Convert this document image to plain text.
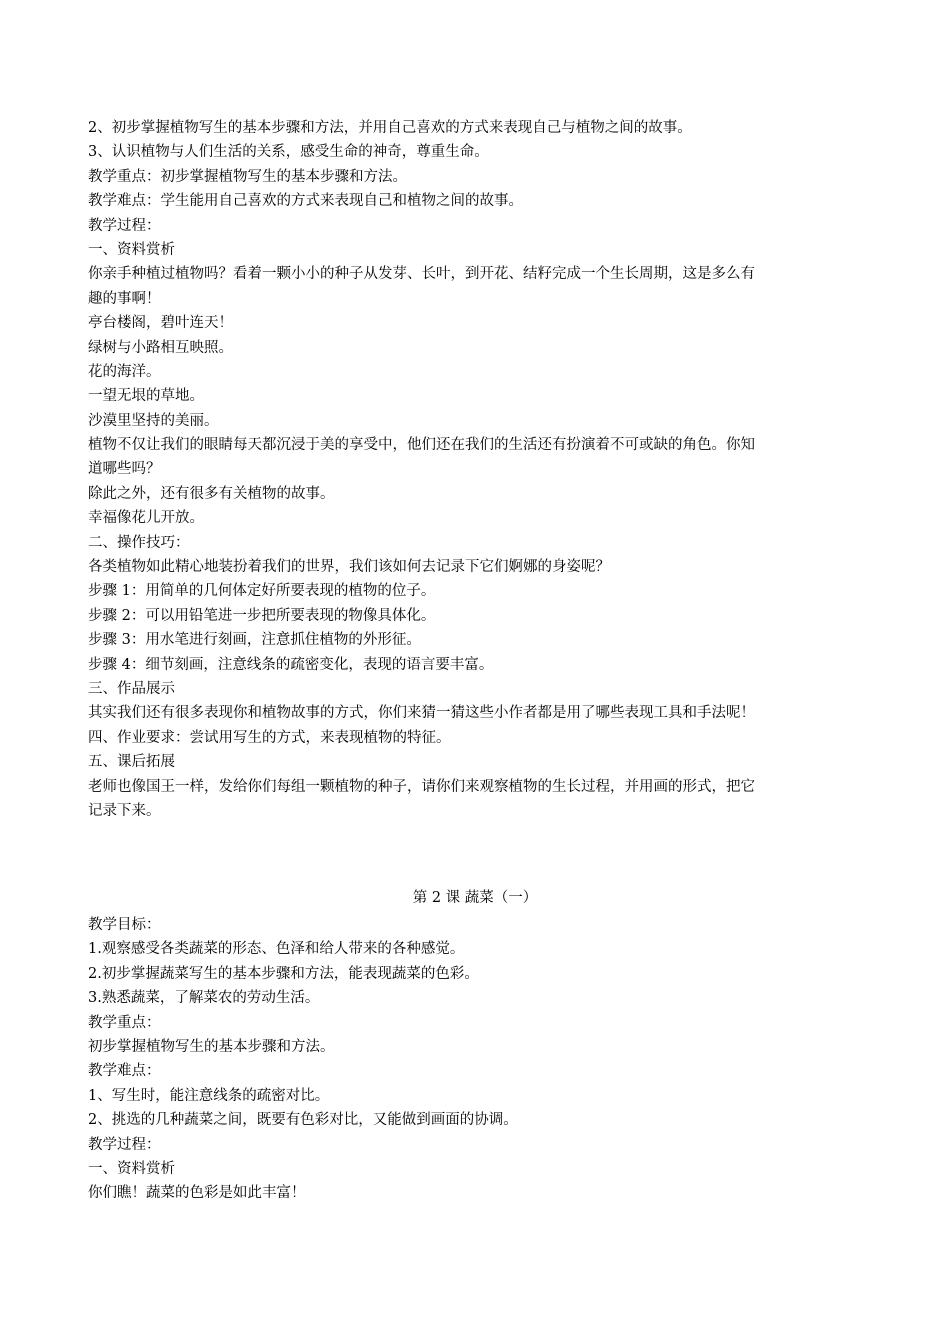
2、初步掌握植物写生的基本步骤和方法，并用自己喜欢的方式来表现自己与植物之间的故事。
3、认识植物与人们生活的关系，感受生命的神奇，尊重生命。
教学重点：初步掌握植物写生的基本步骤和方法。
教学难点：学生能用自己喜欢的方式来表现自己和植物之间的故事。
教学过程：
一、资料赏析
你亲手种植过植物吗？看着一颗小小的种子从发芽、长叶，到开花、结籽完成一个生长周期，这是多么有
趣的事啊！
亭台楼阁，碧叶连天！
绿树与小路相互映照。
花的海洋。
一望无垠的草地。
沙漠里坚持的美丽。
植物不仅让我们的眼睛每天都沉浸于美的享受中，他们还在我们的生活还有扮演着不可或缺的角色。你知
道哪些吗？
除此之外，还有很多有关植物的故事。
幸福像花儿开放。
二、操作技巧：
各类植物如此精心地装扮着我们的世界，我们该如何去记录下它们婀娜的身姿呢？
步骤 1：用简单的几何体定好所要表现的植物的位子。
步骤 2：可以用铅笔进一步把所要表现的物像具体化。
步骤 3：用水笔进行刻画，注意抓住植物的外形征。
步骤 4：细节刻画，注意线条的疏密变化，表现的语言要丰富。
三、作品展示
其实我们还有很多表现你和植物故事的方式，你们来猜一猜这些小作者都是用了哪些表现工具和手法呢！
四、作业要求：尝试用写生的方式，来表现植物的特征。
五、课后拓展
老师也像国王一样，发给你们每组一颗植物的种子，请你们来观察植物的生长过程，并用画的形式，把它
记录下来。
第 2 课 蔬菜（一）
教学目标：
1.观察感受各类蔬菜的形态、色泽和给人带来的各种感觉。
2.初步掌握蔬菜写生的基本步骤和方法，能表现蔬菜的色彩。
3.熟悉蔬菜，了解菜农的劳动生活。
教学重点：
初步掌握植物写生的基本步骤和方法。
教学难点：
1、写生时，能注意线条的疏密对比。
2、挑选的几种蔬菜之间，既要有色彩对比，又能做到画面的协调。
教学过程：
一、资料赏析
你们瞧！蔬菜的色彩是如此丰富！
